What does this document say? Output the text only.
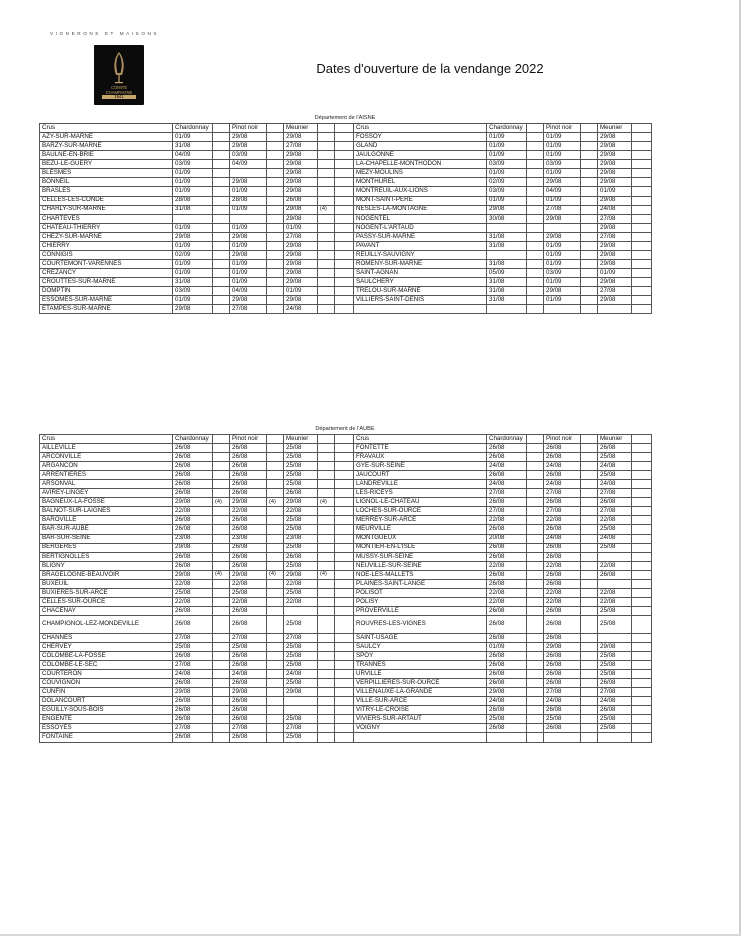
VIGNERONS ET MAISONS
COMITÉ
CHAMPAGNE
1941
Dates d'ouverture de la vendange 2022
Département de l'AISNE
Crus	Chardonnay		Pinot noir		Meunier			Crus	Chardonnay		Pinot noir		Meunier	
AZY-SUR-MARNE	01/09		29/08		29/08			FOSSOY	01/09		01/09		29/08	
BARZY-SUR-MARNE	31/08		29/08		27/08			GLAND	01/09		01/09		29/08	
BAULNE-EN-BRIE	04/09		03/09		29/08			JAULGONNE	01/09		01/09		29/08	
BEZU-LE-GUERY	03/09		04/09		29/08			LA-CHAPELLE-MONTHODON	03/09		03/09		29/08	
BLESMES	01/09				29/08			MEZY-MOULINS	01/09		01/09		29/08	
BONNEIL	01/09		29/08		29/08			MONTHUREL	02/09		29/08		29/08	
BRASLES	01/09		01/09		29/08			MONTREUIL-AUX-LIONS	03/09		04/09		01/09	
CELLES-LES-CONDE	28/08		28/08		26/08			MONT-SAINT-PERE	01/09		01/09		29/08	
CHARLY-SUR-MARNE	31/08		01/09		29/08	(4)		NESLES-LA-MONTAGNE	29/08		27/08		24/08	
CHARTEVES					29/08			NOGENTEL	30/08		29/08		27/08	
CHATEAU-THIERRY	01/09		01/09		01/09			NOGENT-L'ARTAUD					29/08	
CHEZY-SUR-MARNE	29/08		29/08		27/08			PASSY-SUR-MARNE	31/08		29/08		27/08	
CHIERRY	01/09		01/09		29/08			PAVANT	31/08		01/09		29/08	
CONNIGIS	02/09		29/08		29/08			REUILLY-SAUVIGNY			01/09		29/08	
COURTEMONT-VARENNES	01/09		01/09		29/08			ROMENY-SUR-MARNE	31/08		01/09		29/08	
CREZANCY	01/09		01/09		29/08			SAINT-AGNAN	05/09		03/09		01/09	
CROUTTES-SUR-MARNE	31/08		01/09		29/08			SAULCHERY	31/08		01/09		29/08	
DOMPTIN	03/09		04/09		01/09			TRELOU-SUR-MARNE	31/08		29/08		27/08	
ESSOMES-SUR-MARNE	01/09		29/08		29/08			VILLIERS-SAINT-DENIS	31/08		01/09		29/08	
ETAMPES-SUR-MARNE	29/08		27/08		24/08									
Département de l'AUBE
Crus	Chardonnay		Pinot noir		Meunier			Crus	Chardonnay		Pinot noir		Meunier	
AILLEVILLE	26/08		26/08		25/08			FONTETTE	26/08		26/08		26/08	
ARCONVILLE	26/08		26/08		25/08			FRAVAUX	26/08		26/08		25/08	
ARGANCON	26/08		26/08		25/08			GYE-SUR-SEINE	24/08		24/08		24/08	
ARRENTIERES	26/08		26/08		25/08			JAUCOURT	26/08		26/08		25/08	
ARSONVAL	26/08		26/08		25/08			LANDREVILLE	24/08		24/08		24/08	
AVIREY-LINGEY	26/08		26/08		26/08			LES-RICEYS	27/08		27/08		27/08	
BAGNEUX-LA-FOSSE	29/08	(4)	29/08	(4)	29/08	(4)		LIGNOL-LE-CHATEAU	26/08		26/08		26/08	
BALNOT-SUR-LAIGNES	22/08		22/08		22/08			LOCHES-SUR-OURCE	27/08		27/08		27/08	
BAROVILLE	26/08		26/08		25/08			MERREY-SUR-ARCE	22/08		22/08		22/08	
BAR-SUR-AUBE	26/08		26/08		25/08			MEURVILLE	26/08		26/08		25/08	
BAR-SUR-SEINE	23/08		23/08		23/08			MONTGUEUX	20/08		24/08		24/08	
BERGERES	29/08		26/08		25/08			MONTIER-EN-L'ISLE	26/08		26/08		25/08	
BERTIGNOLLES	26/08		26/08		26/08			MUSSY-SUR-SEINE	26/08		26/08			
BLIGNY	26/08		26/08		25/08			NEUVILLE-SUR-SEINE	22/08		22/08		22/08	
BRAGELOGNE-BEAUVOIR	29/08	(4)	29/08	(4)	29/08	(4)		NOE-LES-MALLETS	26/08		26/08		26/08	
BUXEUIL	22/08		22/08		22/08			PLAINES-SAINT-LANGE	26/08		26/08			
BUXIERES-SUR-ARCE	25/08		25/08		25/08			POLISOT	22/08		22/08		22/08	
CELLES-SUR-OURCE	22/08		22/08		22/08			POLISY	22/08		22/08		22/08	
CHACENAY	26/08		26/08					PROVERVILLE	26/08		26/08		25/08	
CHAMPIGNOL-LEZ-MONDEVILLE	26/08		26/08		25/08			ROUVRES-LES-VIGNES	26/08		26/08		25/08	
CHANNES	27/08		27/08		27/08			SAINT-USAGE	26/08		26/08			
CHERVEY	25/08		25/08		25/08			SAULCY	01/09		29/08		29/08	
COLOMBE-LA-FOSSE	26/08		26/08		25/08			SPOY	26/08		26/08		25/08	
COLOMBE-LE-SEC	27/08		26/08		25/08			TRANNES	26/08		26/08		25/08	
COURTERON	24/08		24/08		24/08			URVILLE	26/08		26/08		25/08	
COUVIGNON	26/08		26/08		25/08			VERPILLIERES-SUR-OURCE	26/08		26/08		26/08	
CUNFIN	29/08		29/08		29/08			VILLENAUXE-LA-GRANDE	29/08		27/08		27/08	
DOLANCOURT	26/08		26/08					VILLE-SUR-ARCE	24/08		24/08		24/08	
EGUILLY-SOUS-BOIS	26/08		26/08					VITRY-LE-CROISE	26/08		26/08		26/08	
ENGENTE	26/08		26/08		25/08			VIVIERS-SUR-ARTAUT	25/08		25/08		25/08	
ESSOYES	27/08		27/08		27/08			VOIGNY	26/08		26/08		25/08	
FONTAINE	26/08		26/08		25/08									
